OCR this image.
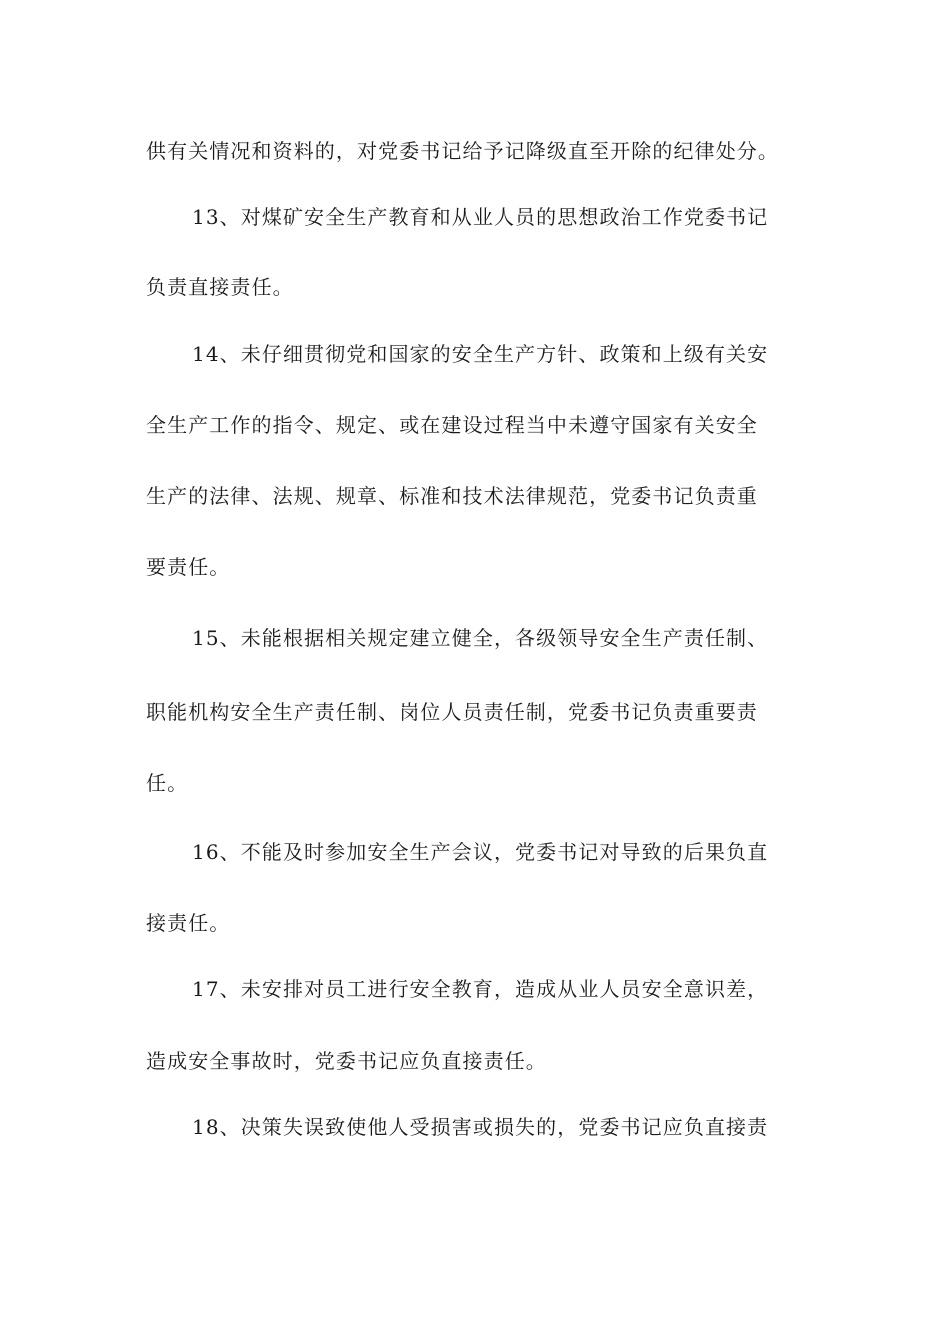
供有关情况和资料的，对党委书记给予记降级直至开除的纪律处分。
13、对煤矿安全生产教育和从业人员的思想政治工作党委书记
负责直接责任。
14、未仔细贯彻党和国家的安全生产方针、政策和上级有关安
全生产工作的指令、规定、或在建设过程当中未遵守国家有关安全
生产的法律、法规、规章、标准和技术法律规范，党委书记负责重
要责任。
15、未能根据相关规定建立健全，各级领导安全生产责任制、
职能机构安全生产责任制、岗位人员责任制，党委书记负责重要责
任。
16、不能及时参加安全生产会议，党委书记对导致的后果负直
接责任。
17、未安排对员工进行安全教育，造成从业人员安全意识差，
造成安全事故时，党委书记应负直接责任。
18、决策失误致使他人受损害或损失的，党委书记应负直接责
